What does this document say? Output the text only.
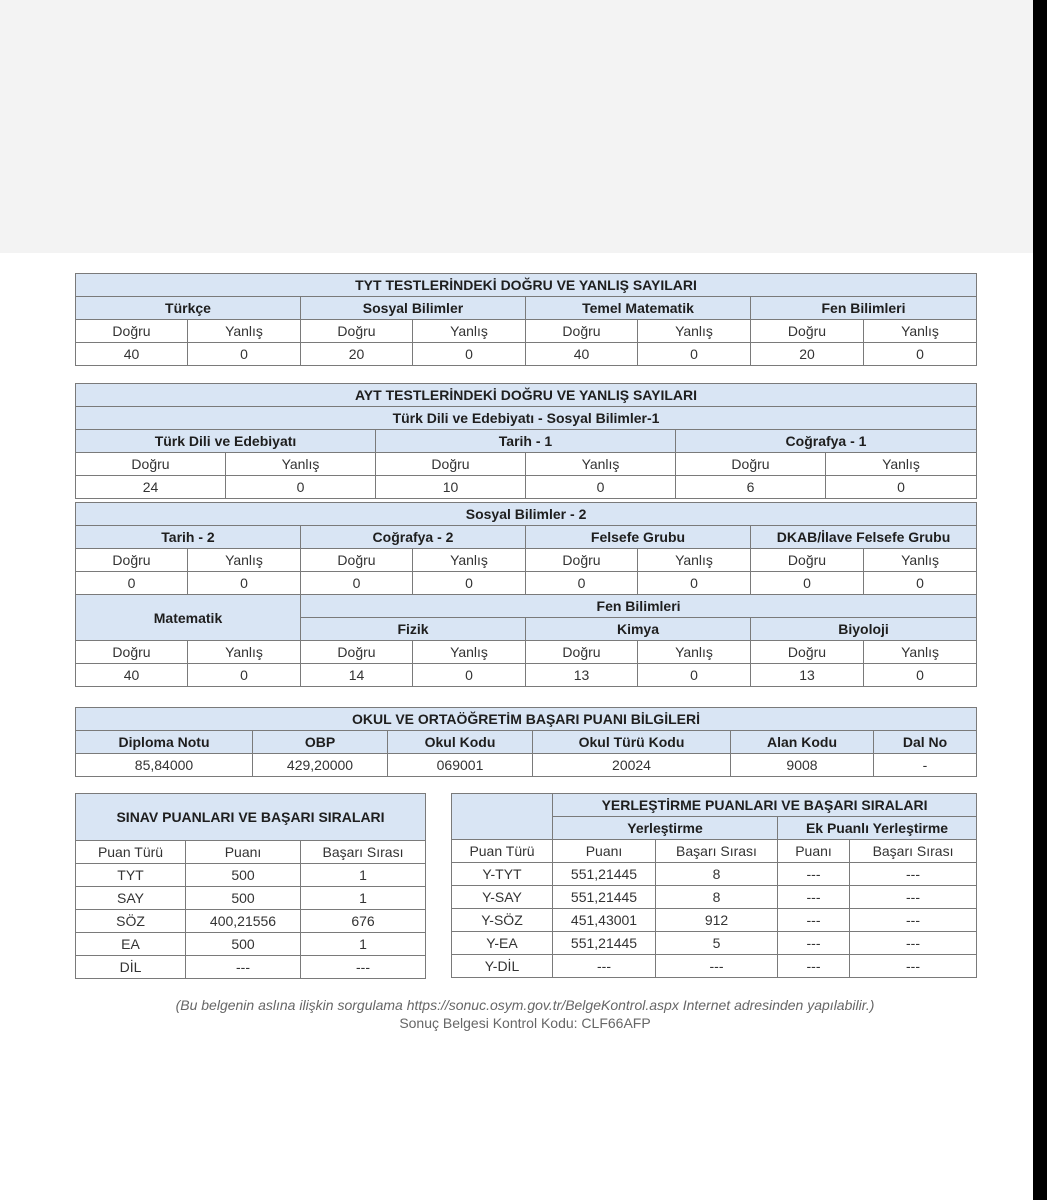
TYT TESTLERİNDEKİ DOĞRU VE YANLIŞ SAYILARI							
Türkçe		Sosyal Bilimler		Temel Matematik		Fen Bilimleri	
Doğru	Yanlış	Doğru	Yanlış	Doğru	Yanlış	Doğru	Yanlış
40	0	20	0	40	0	20	0
AYT TESTLERİNDEKİ DOĞRU VE YANLIŞ SAYILARI					
Türk Dili ve Edebiyatı - Sosyal Bilimler-1					
Türk Dili ve Edebiyatı		Tarih - 1		Coğrafya - 1	
Doğru	Yanlış	Doğru	Yanlış	Doğru	Yanlış
24	0	10	0	6	0
Sosyal Bilimler - 2							
Tarih - 2		Coğrafya - 2		Felsefe Grubu		DKAB/İlave Felsefe Grubu	
Doğru	Yanlış	Doğru	Yanlış	Doğru	Yanlış	Doğru	Yanlış
0	0	0	0	0	0	0	0
Matematik		Fen Bilimleri					
		Fizik		Kimya		Biyoloji	
Doğru	Yanlış	Doğru	Yanlış	Doğru	Yanlış	Doğru	Yanlış
40	0	14	0	13	0	13	0
OKUL VE ORTAÖĞRETİM BAŞARI PUANI BİLGİLERİ					
Diploma Notu	OBP	Okul Kodu	Okul Türü Kodu	Alan Kodu	Dal No
85,84000	429,20000	069001	20024	9008	-
SINAV PUANLARI VE BAŞARI SIRALARI		
Puan Türü	Puanı	Başarı Sırası
TYT	500	1
SAY	500	1
SÖZ	400,21556	676
EA	500	1
DİL	---	---
	YERLEŞTİRME PUANLARI VE BAŞARI SIRALARI			
	Yerleştirme		Ek Puanlı Yerleştirme	
Puan Türü	Puanı	Başarı Sırası	Puanı	Başarı Sırası
Y-TYT	551,21445	8	---	---
Y-SAY	551,21445	8	---	---
Y-SÖZ	451,43001	912	---	---
Y-EA	551,21445	5	---	---
Y-DİL	---	---	---	---
(Bu belgenin aslına ilişkin sorgulama https://sonuc.osym.gov.tr/BelgeKontrol.aspx Internet adresinden yapılabilir.)
Sonuç Belgesi Kontrol Kodu: CLF66AFP
